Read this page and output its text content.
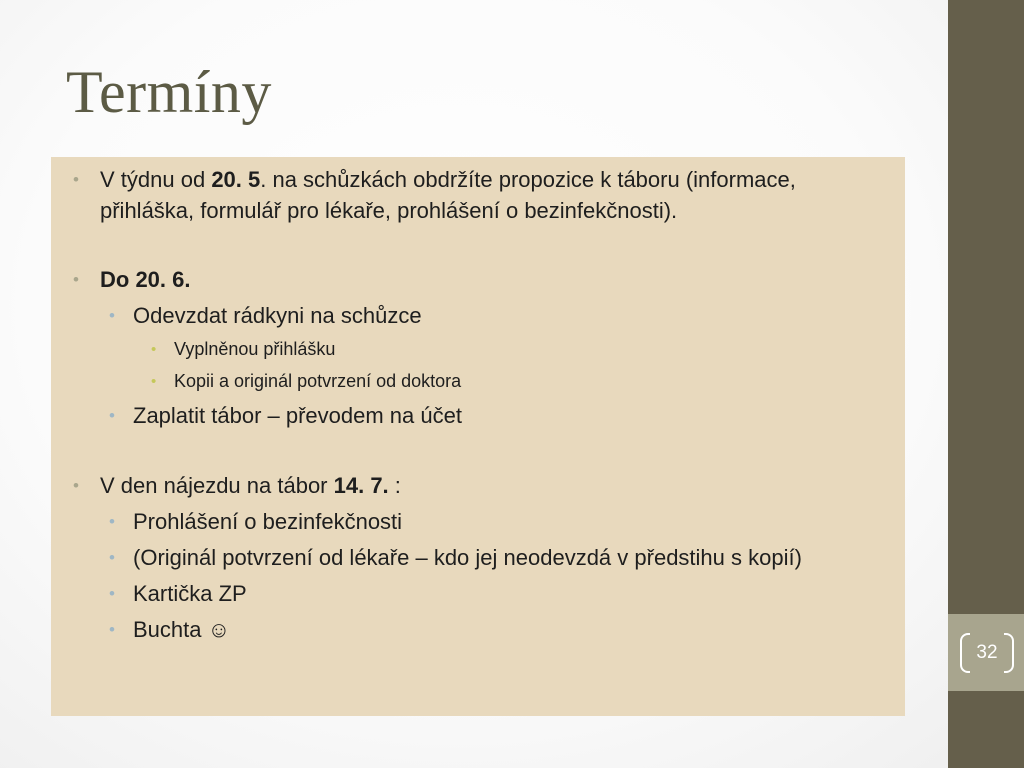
Termíny
• V týdnu od 20. 5. na schůzkách obdržíte propozice k táboru (informace, přihláška, formulář pro lékaře, prohlášení o bezinfekčnosti).
• Do 20. 6.
• Odevzdat rádkyni na schůzce
• Vyplněnou přihlášku
• Kopii a originál potvrzení od doktora
• Zaplatit tábor – převodem na účet
• V den nájezdu na tábor 14. 7. :
• Prohlášení o bezinfekčnosti
• (Originál potvrzení od lékaře – kdo jej neodevzdá v předstihu s kopií)
• Kartička ZP
• Buchta ☺
32
